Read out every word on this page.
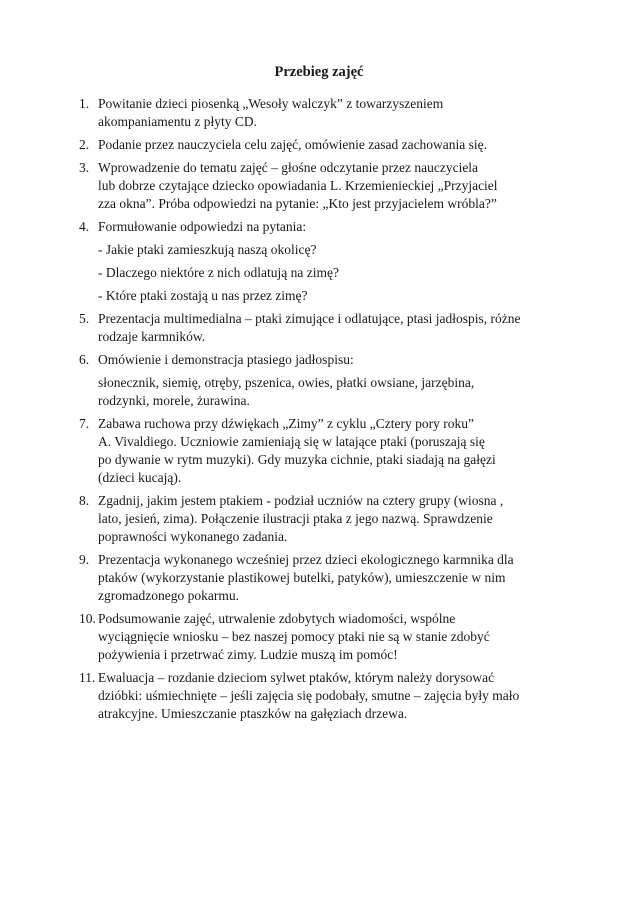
Przebieg zajęć
1. Powitanie dzieci piosenką „Wesoły walczyk” z towarzyszeniem
akompaniamentu z płyty CD.
2. Podanie przez nauczyciela celu zajęć, omówienie zasad zachowania się.
3. Wprowadzenie do tematu zajęć – głośne odczytanie przez nauczyciela
lub dobrze czytające dziecko opowiadania L. Krzemienieckiej „Przyjaciel
zza okna”. Próba odpowiedzi na pytanie: „Kto jest przyjacielem wróbla?”
4. Formułowanie odpowiedzi na pytania:
- Jakie ptaki zamieszkują naszą okolicę?
- Dlaczego niektóre z nich odlatują na zimę?
- Które ptaki zostają u nas przez zimę?
5. Prezentacja multimedialna – ptaki zimujące i odlatujące, ptasi jadłospis, różne
rodzaje karmników.
6. Omówienie i demonstracja ptasiego jadłospisu:
słonecznik, siemię, otręby, pszenica, owies, płatki owsiane, jarzębina,
rodzynki, morele, żurawina.
7. Zabawa ruchowa przy dźwiękach „Zimy” z cyklu „Cztery pory roku”
A. Vivaldiego. Uczniowie zamieniają się w latające ptaki (poruszają się
po dywanie w rytm muzyki). Gdy muzyka cichnie, ptaki siadają na gałęzi
(dzieci kucają).
8. Zgadnij, jakim jestem ptakiem - podział uczniów na cztery grupy (wiosna ,
lato, jesień, zima). Połączenie ilustracji ptaka z jego nazwą. Sprawdzenie
poprawności wykonanego zadania.
9. Prezentacja wykonanego wcześniej przez dzieci ekologicznego karmnika dla
ptaków (wykorzystanie plastikowej butelki, patyków), umieszczenie w nim
zgromadzonego pokarmu.
10. Podsumowanie zajęć, utrwalenie zdobytych wiadomości, wspólne
wyciągnięcie wniosku – bez naszej pomocy ptaki nie są w stanie zdobyć
pożywienia i przetrwać zimy. Ludzie muszą im pomóc!
11. Ewaluacja – rozdanie dzieciom sylwet ptaków, którym należy dorysować
dzióbki: uśmiechnięte – jeśli zajęcia się podobały, smutne – zajęcia były mało
atrakcyjne. Umieszczanie ptaszków na gałęziach drzewa.
